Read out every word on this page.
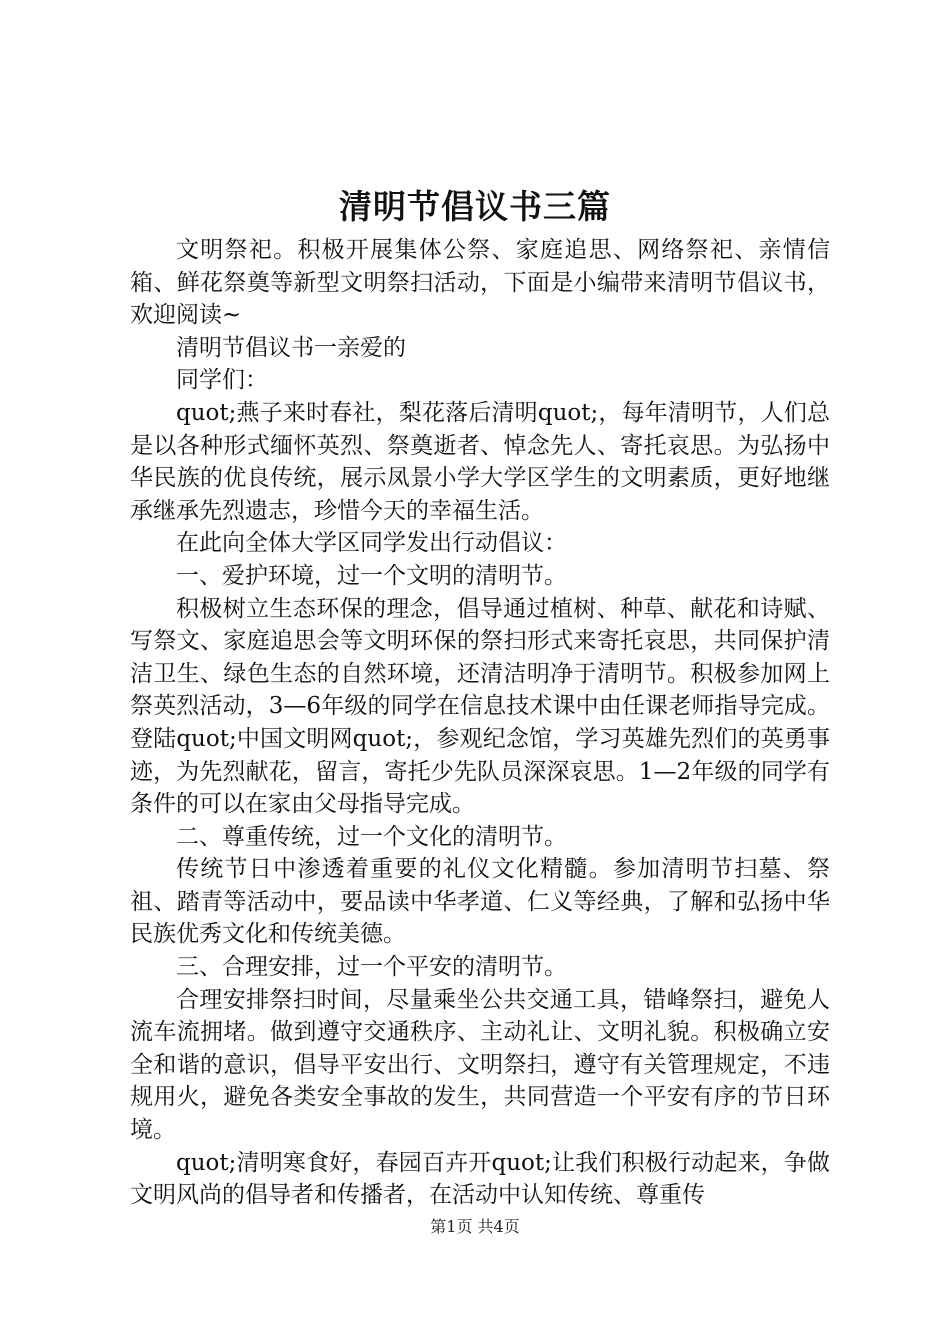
清明节倡议书三篇

文明祭祀。积极开展集体公祭、家庭追思、网络祭祀、亲情信箱、鲜花祭奠等新型文明祭扫活动，下面是小编带来清明节倡议书，欢迎阅读~

清明节倡议书一亲爱的

同学们：

quot;燕子来时春社，梨花落后清明quot;，每年清明节，人们总是以各种形式缅怀英烈、祭奠逝者、悼念先人、寄托哀思。为弘扬中华民族的优良传统，展示凤景小学大学区学生的文明素质，更好地继承继承先烈遗志，珍惜今天的幸福生活。

在此向全体大学区同学发出行动倡议：

一、爱护环境，过一个文明的清明节。

积极树立生态环保的理念，倡导通过植树、种草、献花和诗赋、写祭文、家庭追思会等文明环保的祭扫形式来寄托哀思，共同保护清洁卫生、绿色生态的自然环境，还清洁明净于清明节。积极参加网上祭英烈活动，3—6年级的同学在信息技术课中由任课老师指导完成。登陆quot;中国文明网quot;，参观纪念馆，学习英雄先烈们的英勇事迹，为先烈献花，留言，寄托少先队员深深哀思。1—2年级的同学有条件的可以在家由父母指导完成。

二、尊重传统，过一个文化的清明节。

传统节日中渗透着重要的礼仪文化精髓。参加清明节扫墓、祭祖、踏青等活动中，要品读中华孝道、仁义等经典，了解和弘扬中华民族优秀文化和传统美德。

三、合理安排，过一个平安的清明节。

合理安排祭扫时间，尽量乘坐公共交通工具，错峰祭扫，避免人流车流拥堵。做到遵守交通秩序、主动礼让、文明礼貌。积极确立安全和谐的意识，倡导平安出行、文明祭扫，遵守有关管理规定，不违规用火，避免各类安全事故的发生，共同营造一个平安有序的节日环境。

quot;清明寒食好，春园百卉开quot;让我们积极行动起来，争做文明风尚的倡导者和传播者，在活动中认知传统、尊重传

第1页 共4页
